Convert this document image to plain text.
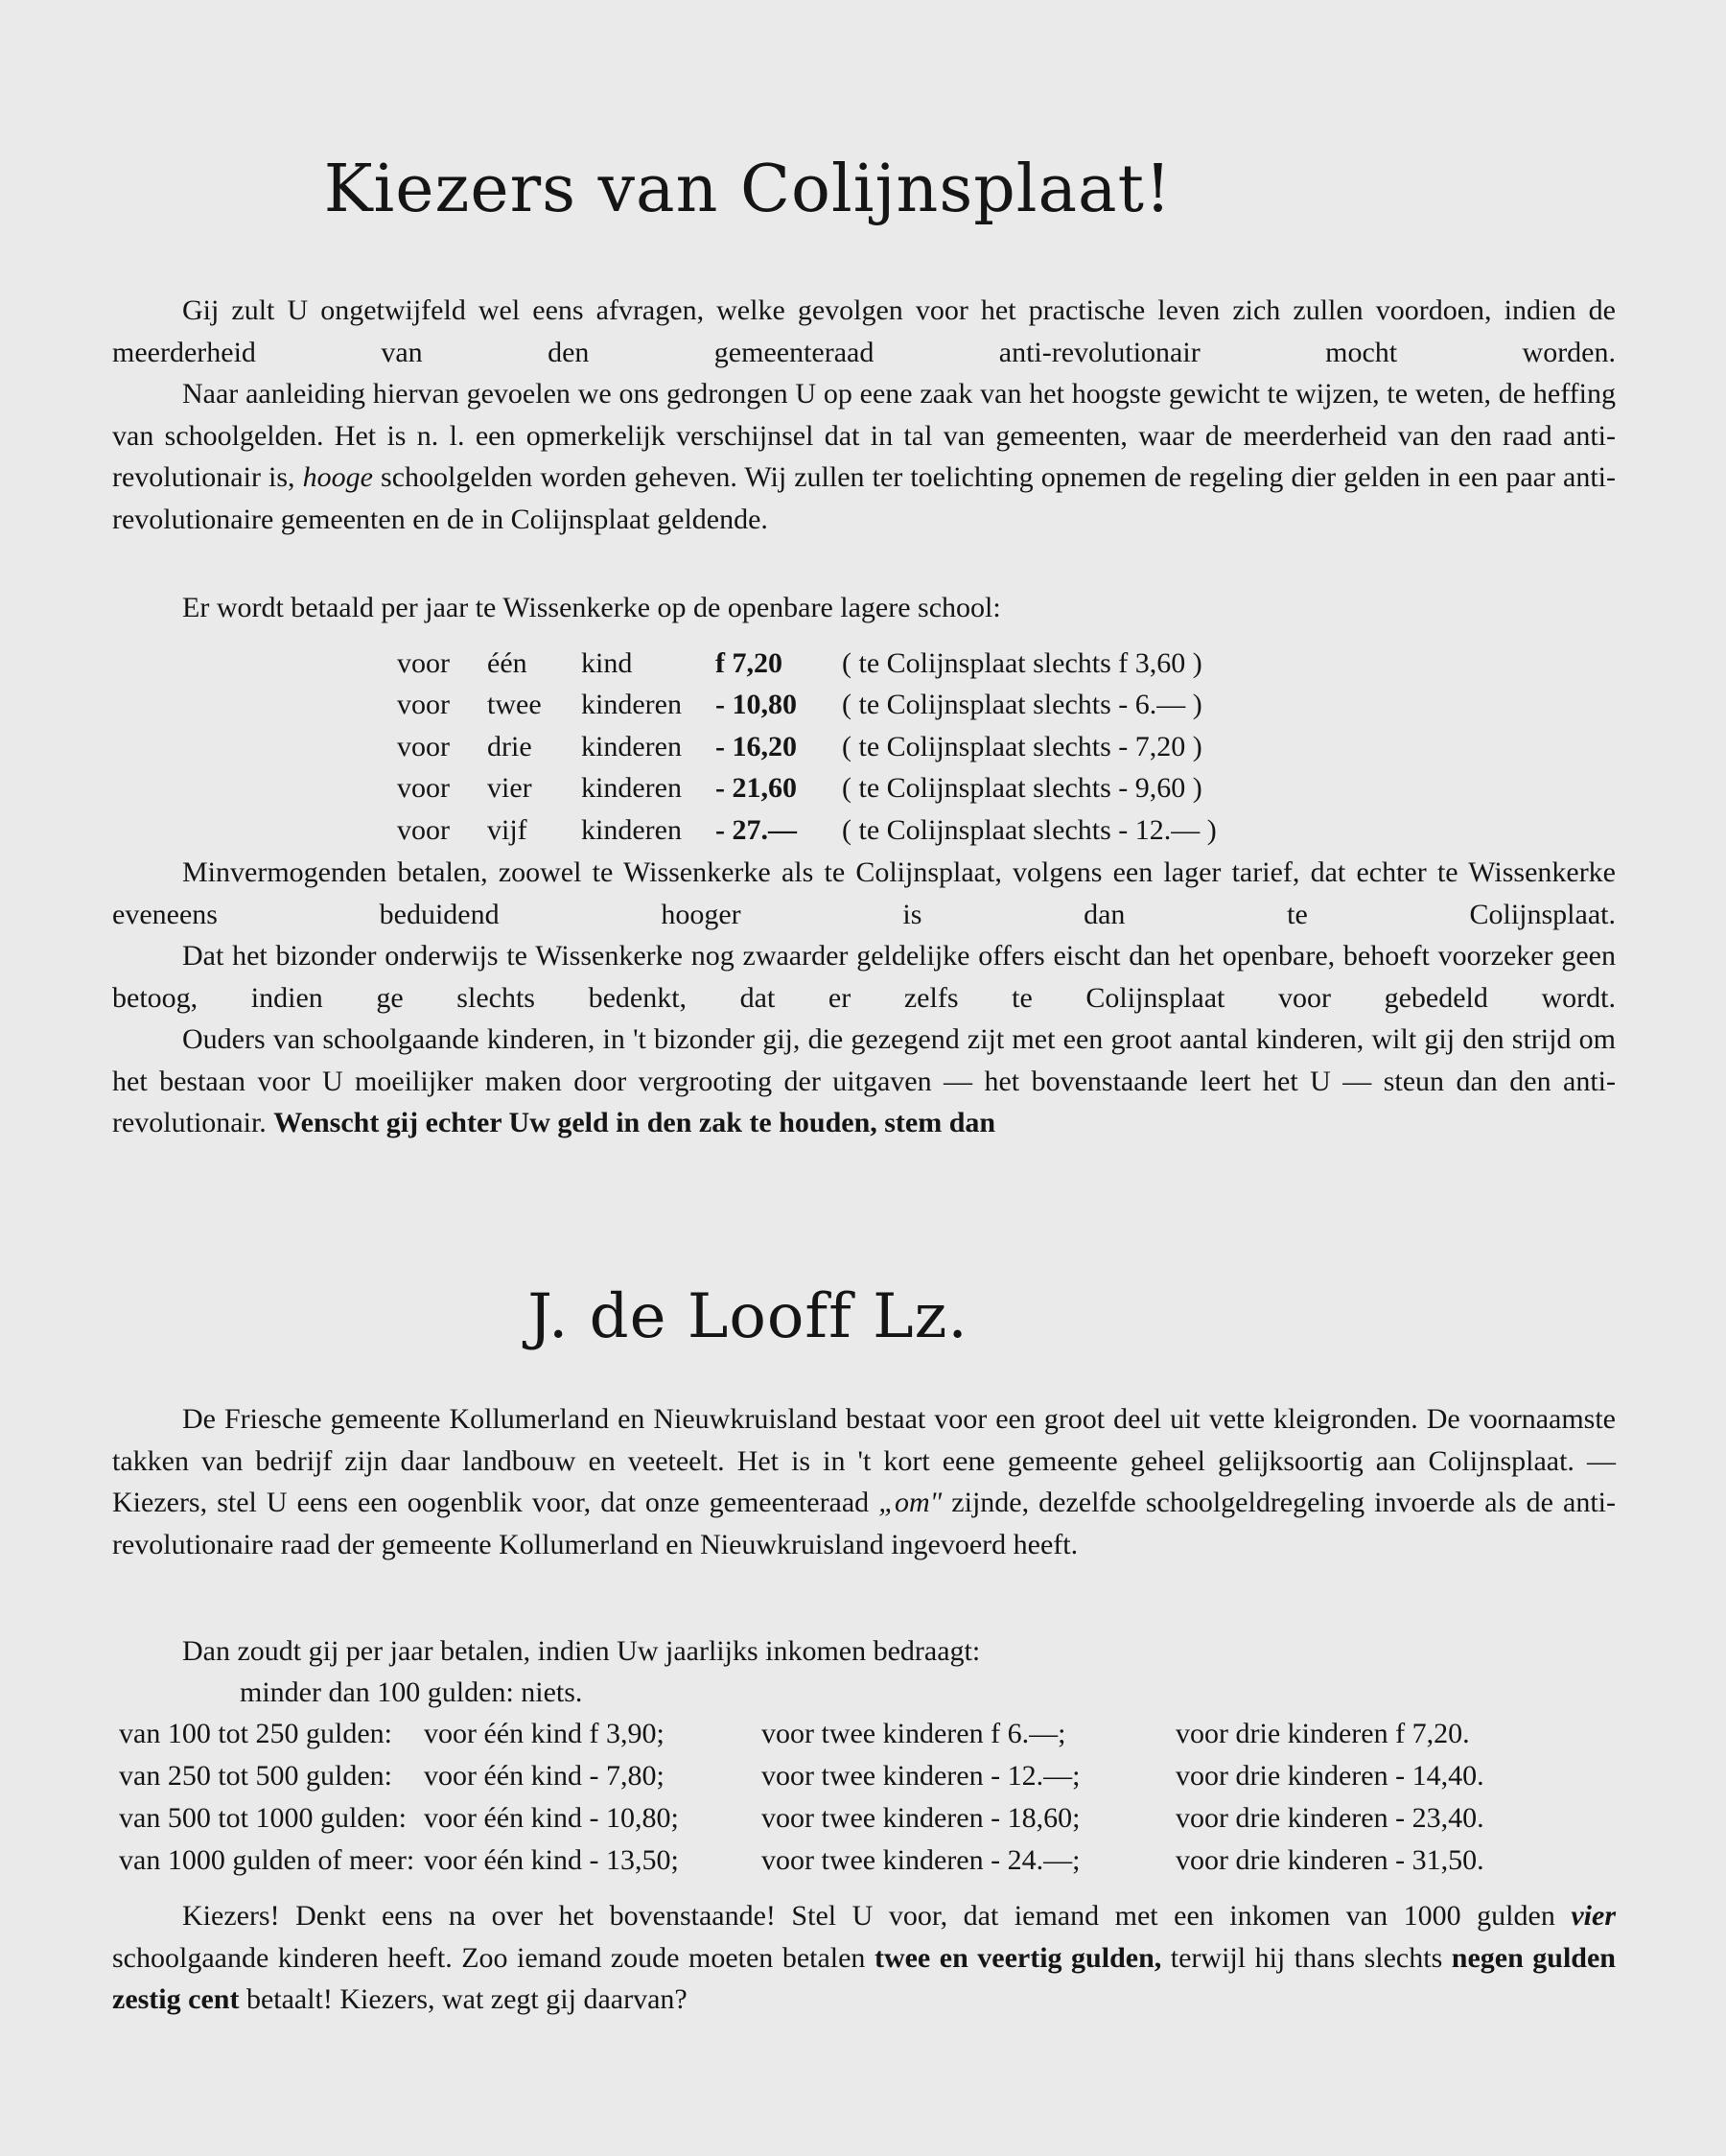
Kiezers van Colijnsplaat!

Gij zult U ongetwijfeld wel eens afvragen, welke gevolgen voor het practische leven zich zullen voordoen, indien de meerderheid van den gemeenteraad anti-revolutionair mocht worden.

Naar aanleiding hiervan gevoelen we ons gedrongen U op eene zaak van het hoogste gewicht te wijzen, te weten, de heffing van schoolgelden. Het is n. l. een opmerkelijk verschijnsel dat in tal van gemeenten, waar de meerderheid van den raad anti-revolutionair is, hooge schoolgelden worden geheven. Wij zullen ter toelichting opnemen de regeling dier gelden in een paar anti-revolutionaire gemeenten en de in Colijnsplaat geldende.

Er wordt betaald per jaar te Wissenkerke op de openbare lagere school:

voor	één	kind	f 7,20	( te Colijnsplaat slechts f 3,60 )
voor	twee	kinderen	- 10,80	( te Colijnsplaat slechts - 6.— )
voor	drie	kinderen	- 16,20	( te Colijnsplaat slechts - 7,20 )
voor	vier	kinderen	- 21,60	( te Colijnsplaat slechts - 9,60 )
voor	vijf	kinderen	- 27.—	( te Colijnsplaat slechts - 12.— )

Minvermogenden betalen, zoowel te Wissenkerke als te Colijnsplaat, volgens een lager tarief, dat echter te Wissenkerke eveneens beduidend hooger is dan te Colijnsplaat.

Dat het bizonder onderwijs te Wissenkerke nog zwaarder geldelijke offers eischt dan het openbare, behoeft voorzeker geen betoog, indien ge slechts bedenkt, dat er zelfs te Colijnsplaat voor gebedeld wordt.

Ouders van schoolgaande kinderen, in 't bizonder gij, die gezegend zijt met een groot aantal kinderen, wilt gij den strijd om het bestaan voor U moeilijker maken door vergrooting der uitgaven — het bovenstaande leert het U — steun dan den anti-revolutionair. Wenscht gij echter Uw geld in den zak te houden, stem dan

J. de Looff Lz.

De Friesche gemeente Kollumerland en Nieuwkruisland bestaat voor een groot deel uit vette kleigronden. De voornaamste takken van bedrijf zijn daar landbouw en veeteelt. Het is in 't kort eene gemeente geheel gelijksoortig aan Colijnsplaat. — Kiezers, stel U eens een oogenblik voor, dat onze gemeenteraad „om" zijnde, dezelfde schoolgeldregeling invoerde als de anti-revolutionaire raad der gemeente Kollumerland en Nieuwkruisland ingevoerd heeft.

Dan zoudt gij per jaar betalen, indien Uw jaarlijks inkomen bedraagt:

minder dan 100 gulden: niets.
van 100 tot 250 gulden:	voor één kind f 3,90;	voor twee kinderen f 6.—;	voor drie kinderen f 7,20.
van 250 tot 500 gulden:	voor één kind - 7,80;	voor twee kinderen - 12.—;	voor drie kinderen - 14,40.
van 500 tot 1000 gulden:	voor één kind - 10,80;	voor twee kinderen - 18,60;	voor drie kinderen - 23,40.
van 1000 gulden of meer:	voor één kind - 13,50;	voor twee kinderen - 24.—;	voor drie kinderen - 31,50.

Kiezers! Denkt eens na over het bovenstaande! Stel U voor, dat iemand met een inkomen van 1000 gulden vier schoolgaande kinderen heeft. Zoo iemand zoude moeten betalen twee en veertig gulden, terwijl hij thans slechts negen gulden zestig cent betaalt! Kiezers, wat zegt gij daarvan?
